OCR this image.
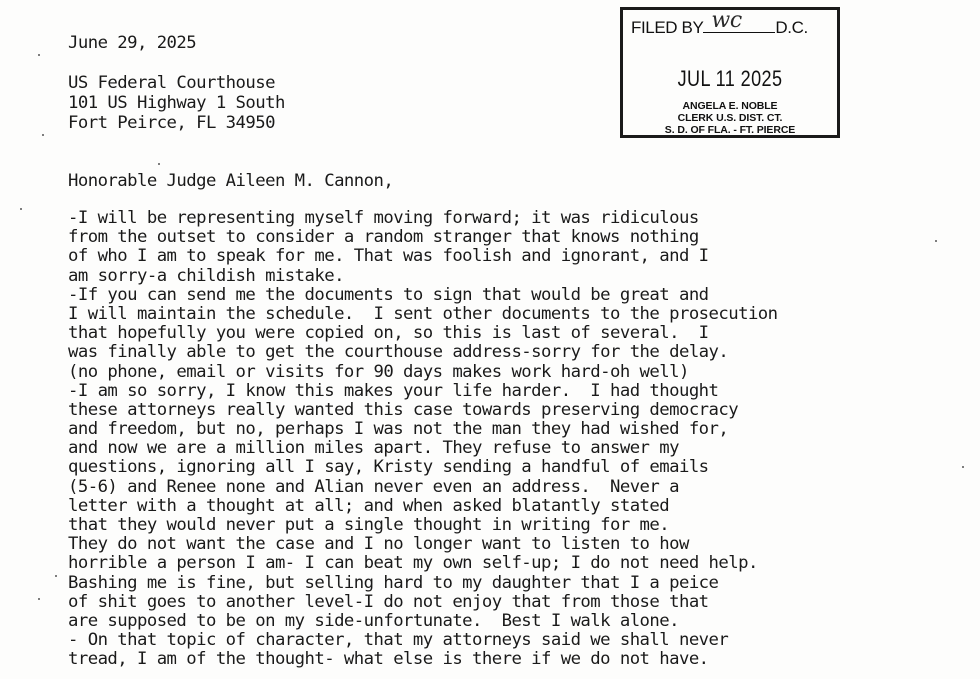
June 29, 2025
US Federal Courthouse
101 US Highway 1 South
Fort Peirce, FL 34950
Honorable Judge Aileen M. Cannon,
-I will be representing myself moving forward; it was ridiculous
from the outset to consider a random stranger that knows nothing
of who I am to speak for me. That was foolish and ignorant, and I
am sorry-a childish mistake.
-If you can send me the documents to sign that would be great and
I will maintain the schedule.  I sent other documents to the prosecution
that hopefully you were copied on, so this is last of several.  I
was finally able to get the courthouse address-sorry for the delay.
(no phone, email or visits for 90 days makes work hard-oh well)
-I am so sorry, I know this makes your life harder.  I had thought
these attorneys really wanted this case towards preserving democracy
and freedom, but no, perhaps I was not the man they had wished for,
and now we are a million miles apart. They refuse to answer my
questions, ignoring all I say, Kristy sending a handful of emails
(5-6) and Renee none and Alian never even an address.  Never a
letter with a thought at all; and when asked blatantly stated
that they would never put a single thought in writing for me.
They do not want the case and I no longer want to listen to how
horrible a person I am- I can beat my own self-up; I do not need help.
Bashing me is fine, but selling hard to my daughter that I a peice
of shit goes to another level-I do not enjoy that from those that
are supposed to be on my side-unfortunate.  Best I walk alone.
- On that topic of character, that my attorneys said we shall never
tread, I am of the thought- what else is there if we do not have.
FILED BY wc D.C.
JUL 11 2025
ANGELA E. NOBLE
CLERK U.S. DIST. CT.
S. D. OF FLA. - FT. PIERCE
